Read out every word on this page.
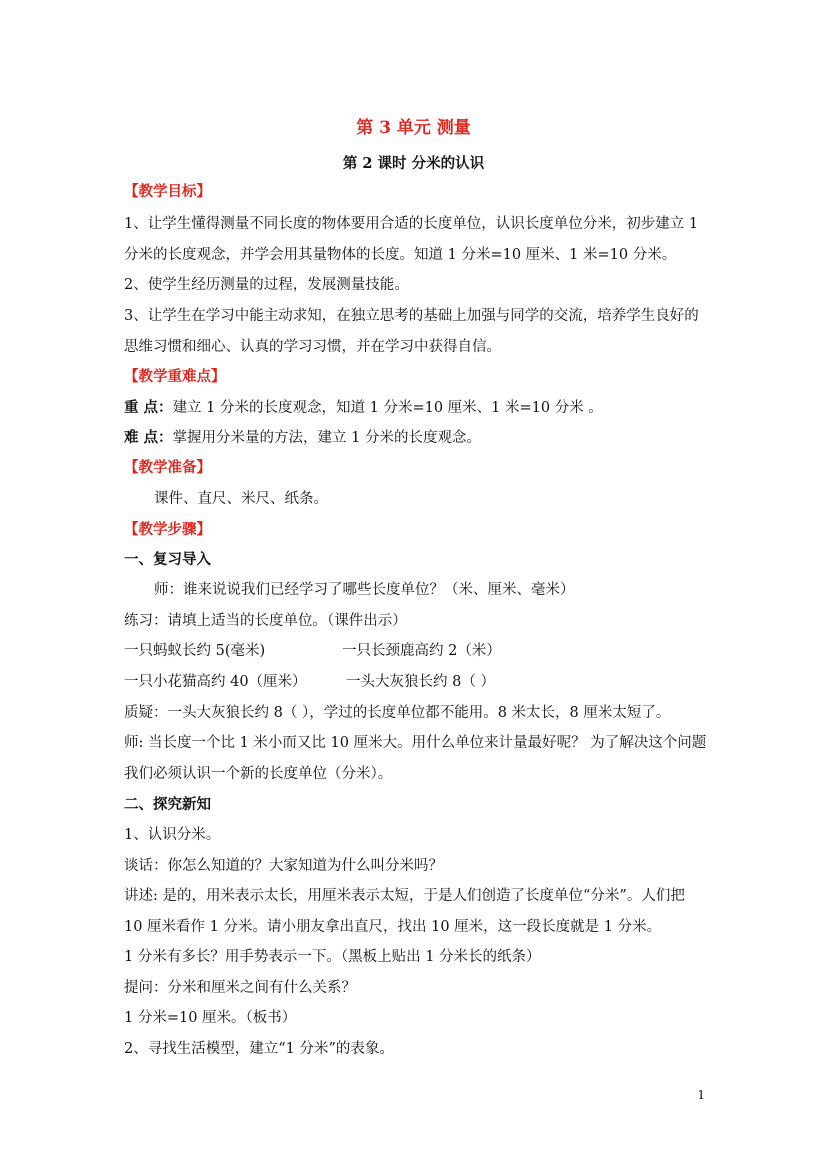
第 3 单元 测量
第 2 课时 分米的认识
【教学目标】
1、让学生懂得测量不同长度的物体要用合适的长度单位，认识长度单位分米，初步建立 1
分米的长度观念，并学会用其量物体的长度。知道 1 分米=10 厘米、1 米=10 分米。
2、使学生经历测量的过程，发展测量技能。
3、让学生在学习中能主动求知，在独立思考的基础上加强与同学的交流，培养学生良好的
思维习惯和细心、认真的学习习惯，并在学习中获得自信。
【教学重难点】
重 点：建立 1 分米的长度观念，知道 1 分米=10 厘米、1 米=10 分米 。
难 点：掌握用分米量的方法，建立 1 分米的长度观念。
【教学准备】
课件、直尺、米尺、纸条。
【教学步骤】
一、复习导入
师：谁来说说我们已经学习了哪些长度单位？（米、厘米、毫米）
练习：请填上适当的长度单位。（课件出示）
一只蚂蚁长约 5(毫米)	一只长颈鹿高约 2（米）
一只小花猫高约 40（厘米）	一头大灰狼长约 8（ ）
质疑：一头大灰狼长约 8（ ），学过的长度单位都不能用。8 米太长，8 厘米太短了。
师: 当长度一个比 1 米小而又比 10 厘米大。用什么单位来计量最好呢？ 为了解决这个问题
我们必须认识一个新的长度单位（分米）。
二、探究新知
1、认识分米。
谈话：你怎么知道的？大家知道为什么叫分米吗？
讲述: 是的，用米表示太长，用厘米表示太短，于是人们创造了长度单位“分米”。人们把
10 厘米看作 1 分米。请小朋友拿出直尺，找出 10 厘米，这一段长度就是 1 分米。
1 分米有多长？用手势表示一下。（黑板上贴出 1 分米长的纸条）
提问：分米和厘米之间有什么关系？
1 分米=10 厘米。（板书）
2、寻找生活模型，建立“1 分米”的表象。
1
